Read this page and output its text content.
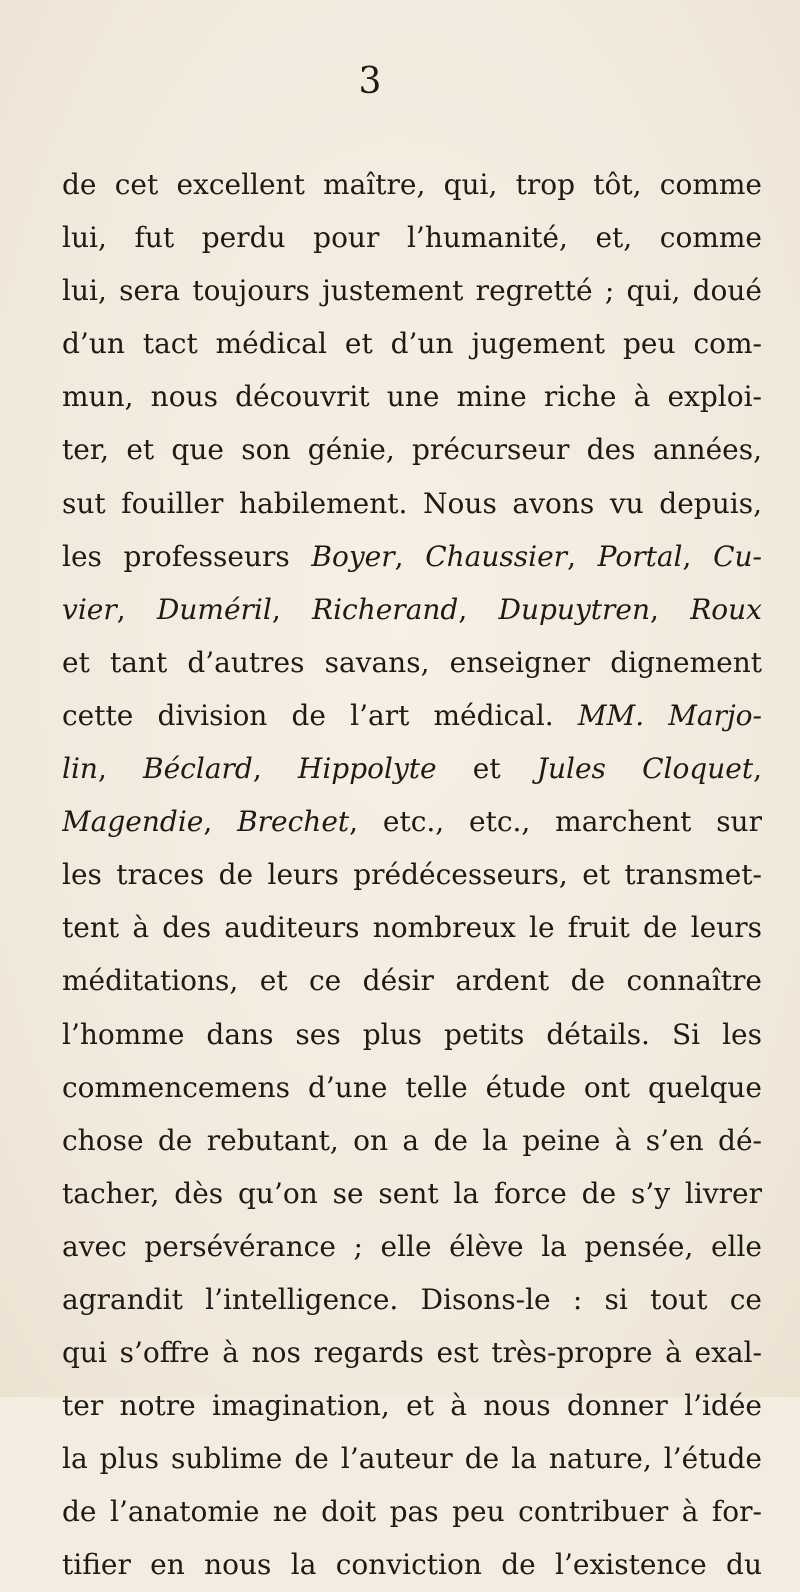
3
de cet excellent maître, qui, trop tôt, comme
lui, fut perdu pour l’humanité, et, comme
lui, sera toujours justement regretté ; qui, doué
d’un tact médical et d’un jugement peu com-
mun, nous découvrit une mine riche à exploi-
ter, et que son génie, précurseur des années,
sut fouiller habilement. Nous avons vu depuis,
les professeurs Boyer, Chaussier, Portal, Cu-
vier, Duméril, Richerand, Dupuytren, Roux
et tant d’autres savans, enseigner dignement
cette division de l’art médical. MM. Marjo-
lin, Béclard, Hippolyte et Jules Cloquet,
Magendie, Brechet, etc., etc., marchent sur
les traces de leurs prédécesseurs, et transmet-
tent à des auditeurs nombreux le fruit de leurs
méditations, et ce désir ardent de connaître
l’homme dans ses plus petits détails. Si les
commencemens d’une telle étude ont quelque
chose de rebutant, on a de la peine à s’en dé-
tacher, dès qu’on se sent la force de s’y livrer
avec persévérance ; elle élève la pensée, elle
agrandit l’intelligence. Disons-le : si tout ce
qui s’offre à nos regards est très-propre à exal-
ter notre imagination, et à nous donner l’idée
la plus sublime de l’auteur de la nature, l’étude
de l’anatomie ne doit pas peu contribuer à for-
tifier en nous la conviction de l’existence du
